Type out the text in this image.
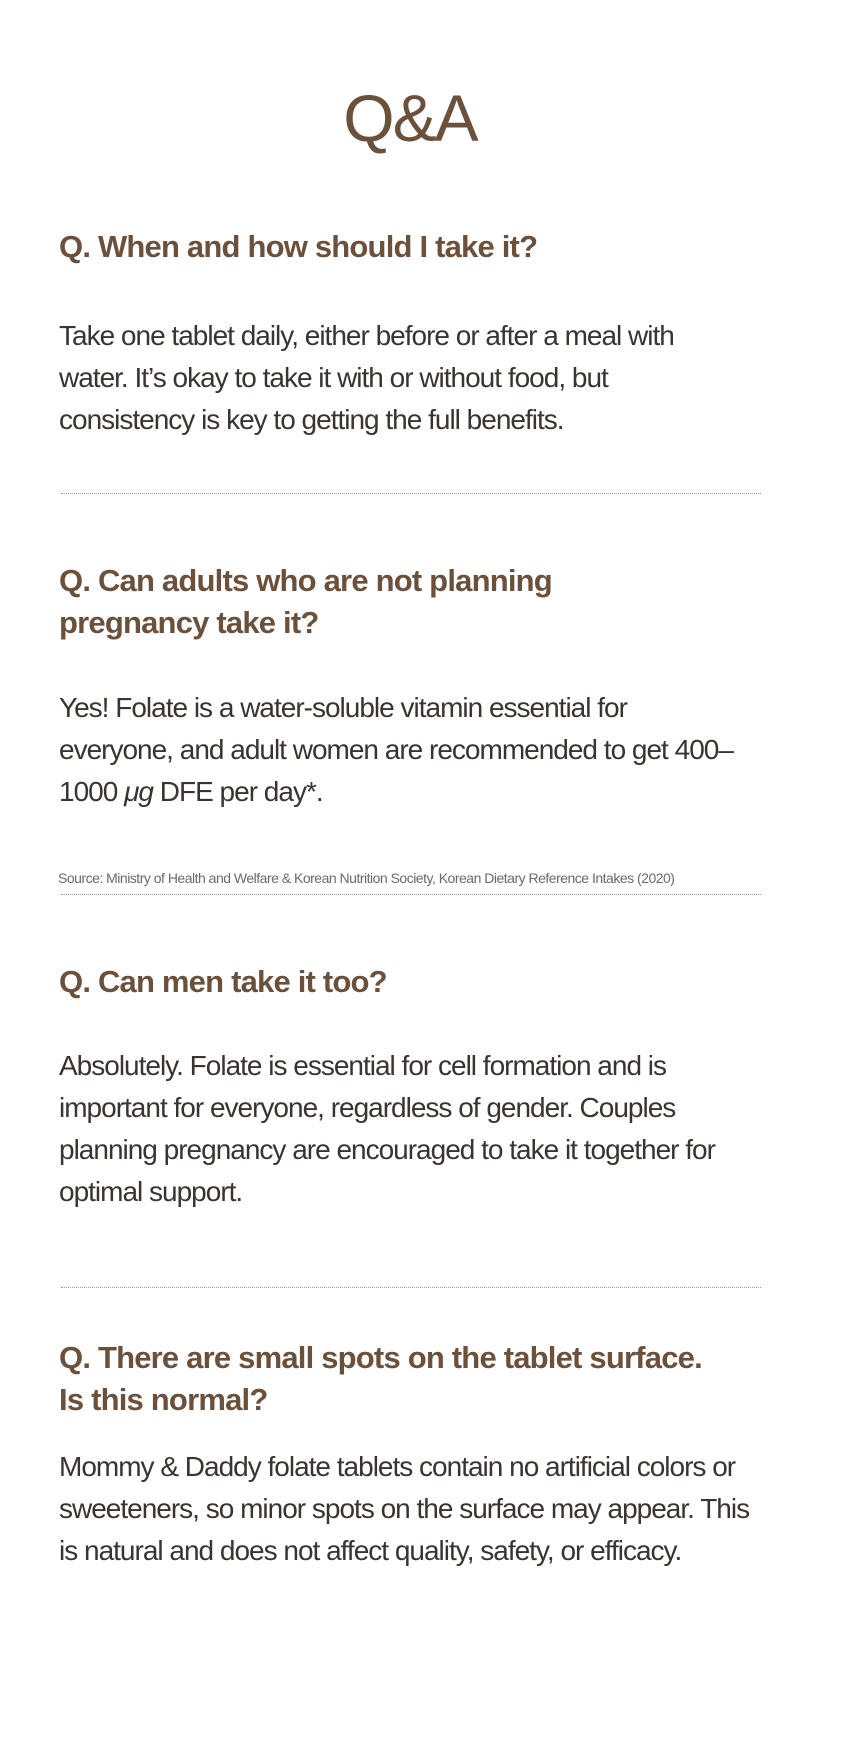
Q&A
Q. When and how should I take it?

Take one tablet daily, either before or after a meal with water. It’s okay to take it with or without food, but consistency is key to getting the full benefits.

Q. Can adults who are not planning
pregnancy take it?

Yes! Folate is a water-soluble vitamin essential for everyone, and adult women are recommended to get 400–1000 μg DFE per day*.

Source: Ministry of Health and Welfare & Korean Nutrition Society, Korean Dietary Reference Intakes (2020)

Q. Can men take it too?

Absolutely. Folate is essential for cell formation and is important for everyone, regardless of gender. Couples planning pregnancy are encouraged to take it together for optimal support.

Q. There are small spots on the tablet surface.
Is this normal?

Mommy & Daddy folate tablets contain no artificial colors or sweeteners, so minor spots on the surface may appear. This is natural and does not affect quality, safety, or efficacy.
